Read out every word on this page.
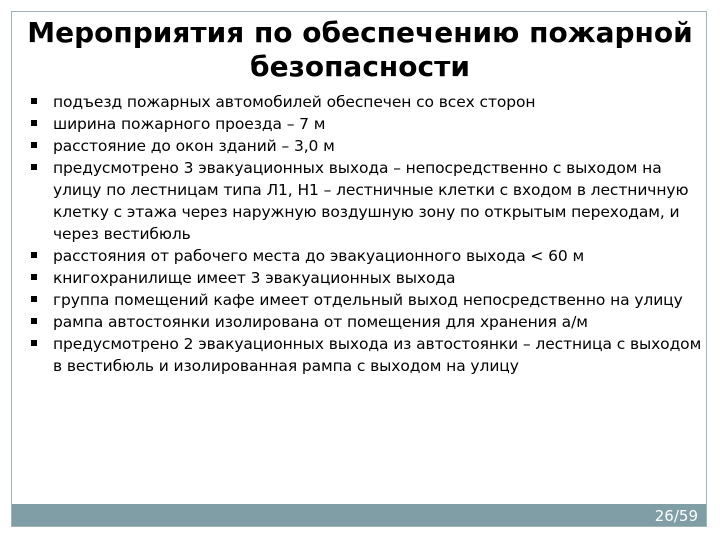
Мероприятия по обеспечению пожарной безопасности
подъезд пожарных автомобилей обеспечен со всех сторон
ширина пожарного проезда – 7 м
расстояние до окон зданий – 3,0 м
предусмотрено 3 эвакуационных выхода – непосредственно с выходом на улицу по лестницам типа Л1, Н1 – лестничные клетки с входом в лестничную клетку с этажа через наружную воздушную зону по открытым переходам, и через вестибюль
расстояния от рабочего места до эвакуационного выхода < 60 м
книгохранилище имеет 3 эвакуационных выхода
группа помещений кафе имеет отдельный выход непосредственно на улицу
рампа автостоянки изолирована от помещения для хранения а/м
предусмотрено 2 эвакуационных выхода из автостоянки – лестница с выходом в вестибюль и изолированная рампа с выходом на улицу
26/59
